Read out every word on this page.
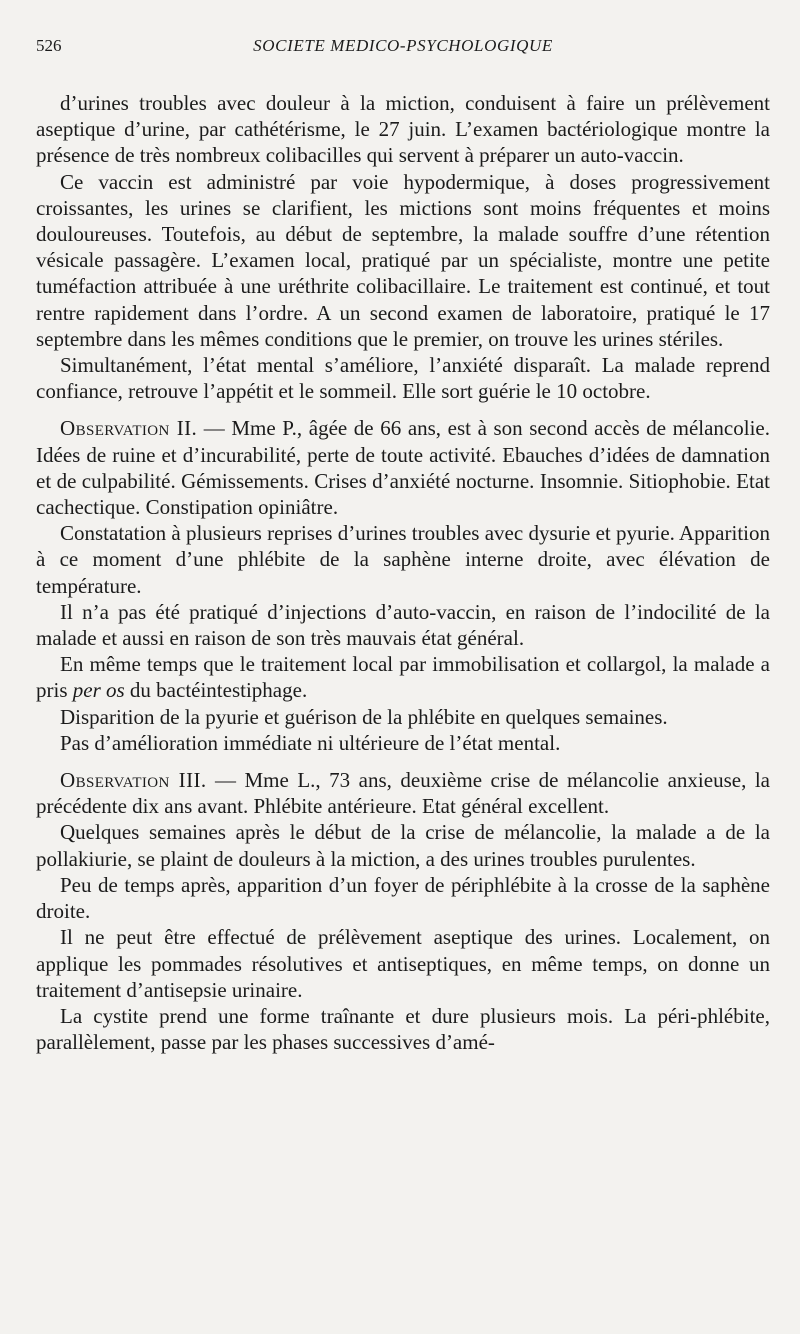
526	SOCIETE MEDICO-PSYCHOLOGIQUE

d’urines troubles avec douleur à la miction, conduisent à faire un prélèvement aseptique d’urine, par cathétérisme, le 27 juin. L’examen bactériologique montre la présence de très nombreux colibacilles qui servent à préparer un auto-vaccin.

Ce vaccin est administré par voie hypodermique, à doses progressivement croissantes, les urines se clarifient, les mictions sont moins fréquentes et moins douloureuses. Toutefois, au début de septembre, la malade souffre d’une rétention vésicale passagère. L’examen local, pratiqué par un spécialiste, montre une petite tuméfaction attribuée à une uréthrite colibacillaire. Le traitement est continué, et tout rentre rapidement dans l’ordre. A un second examen de laboratoire, pratiqué le 17 septembre dans les mêmes conditions que le premier, on trouve les urines stériles.

Simultanément, l’état mental s’améliore, l’anxiété disparaît. La malade reprend confiance, retrouve l’appétit et le sommeil. Elle sort guérie le 10 octobre.

Observation II. — Mme P., âgée de 66 ans, est à son second accès de mélancolie. Idées de ruine et d’incurabilité, perte de toute activité. Ebauches d’idées de damnation et de culpabilité. Gémissements. Crises d’anxiété nocturne. Insomnie. Sitiophobie. Etat cachectique. Constipation opiniâtre.

Constatation à plusieurs reprises d’urines troubles avec dysurie et pyurie. Apparition à ce moment d’une phlébite de la saphène interne droite, avec élévation de température.

Il n’a pas été pratiqué d’injections d’auto-vaccin, en raison de l’indocilité de la malade et aussi en raison de son très mauvais état général.

En même temps que le traitement local par immobilisation et collargol, la malade a pris per os du bactéintestiphage.

Disparition de la pyurie et guérison de la phlébite en quelques semaines.

Pas d’amélioration immédiate ni ultérieure de l’état mental.

Observation III. — Mme L., 73 ans, deuxième crise de mélancolie anxieuse, la précédente dix ans avant. Phlébite antérieure. Etat général excellent.

Quelques semaines après le début de la crise de mélancolie, la malade a de la pollakiurie, se plaint de douleurs à la miction, a des urines troubles purulentes.

Peu de temps après, apparition d’un foyer de périphlébite à la crosse de la saphène droite.

Il ne peut être effectué de prélèvement aseptique des urines. Localement, on applique les pommades résolutives et antiseptiques, en même temps, on donne un traitement d’antisepsie urinaire.

La cystite prend une forme traînante et dure plusieurs mois. La péri-phlébite, parallèlement, passe par les phases successives d’amé-
